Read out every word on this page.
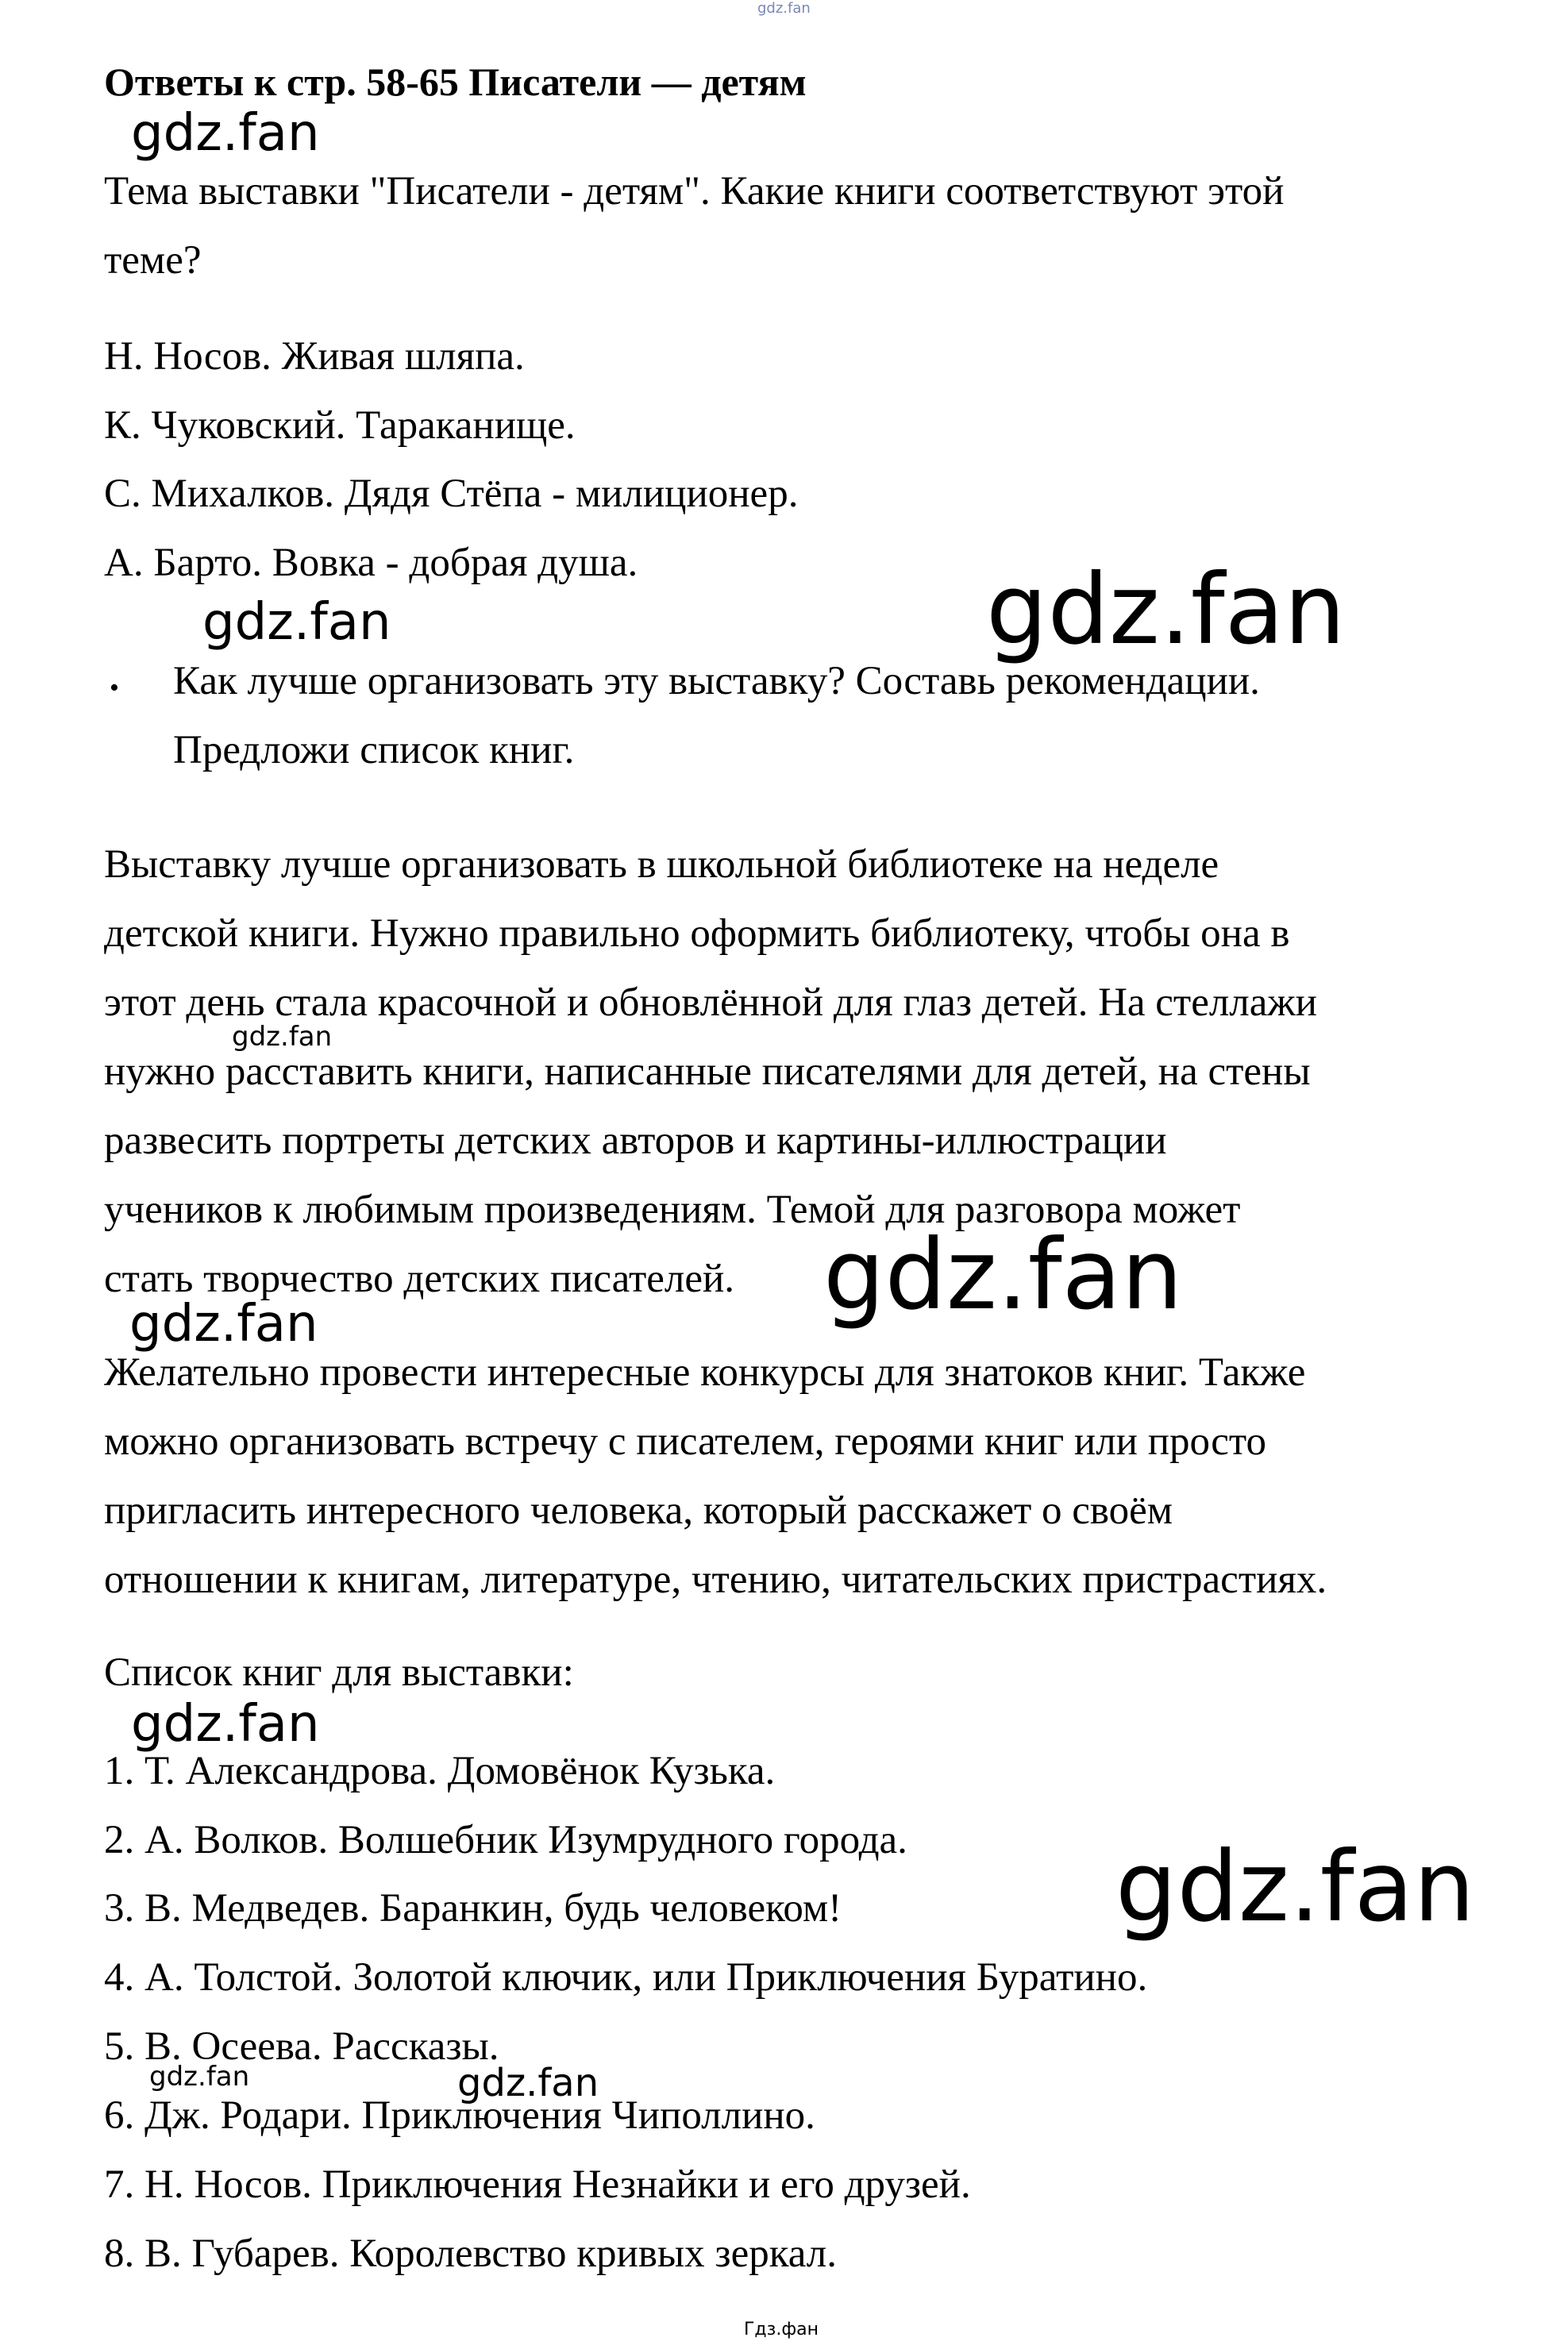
gdz.fan
Ответы к стр. 58-65 Писатели — детям
Тема выставки "Писатели - детям". Какие книги соответствуют этой
теме?
Н. Носов. Живая шляпа.
К. Чуковский. Тараканище.
С. Михалков. Дядя Стёпа - милиционер.
А. Барто. Вовка - добрая душа.
• Как лучше организовать эту выставку? Составь рекомендации.
Предложи список книг.
Выставку лучше организовать в школьной библиотеке на неделе
детской книги. Нужно правильно оформить библиотеку, чтобы она в
этот день стала красочной и обновлённой для глаз детей. На стеллажи
нужно расставить книги, написанные писателями для детей, на стены
развесить портреты детских авторов и картины-иллюстрации
учеников к любимым произведениям. Темой для разговора может
стать творчество детских писателей.
Желательно провести интересные конкурсы для знатоков книг. Также
можно организовать встречу с писателем, героями книг или просто
пригласить интересного человека, который расскажет о своём
отношении к книгам, литературе, чтению, читательских пристрастиях.
Список книг для выставки:
1. Т. Александрова. Домовёнок Кузька.
2. А. Волков. Волшебник Изумрудного города.
3. В. Медведев. Баранкин, будь человеком!
4. А. Толстой. Золотой ключик, или Приключения Буратино.
5. В. Осеева. Рассказы.
6. Дж. Родари. Приключения Чиполлино.
7. Н. Носов. Приключения Незнайки и его друзей.
8. В. Губарев. Королевство кривых зеркал.
gdz.fan
gdz.fan	gdz.fan
gdz.fan
gdz.fan
gdz.fan
gdz.fan
gdz.fan
gdz.fan	gdz.fan
Гдз.фан
